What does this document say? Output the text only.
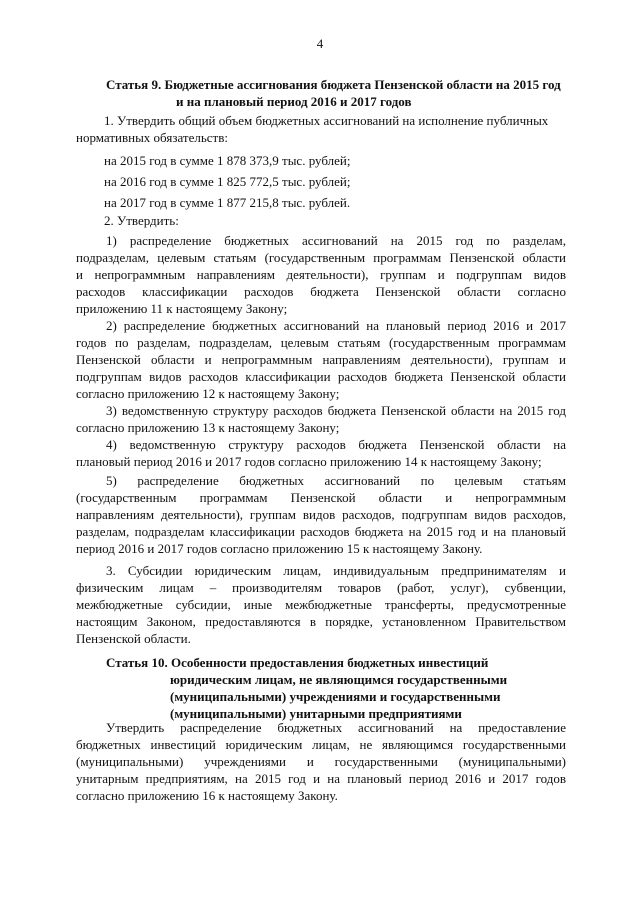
4
Статья 9. Бюджетные ассигнования бюджета Пензенской области на 2015 год
и на плановый период 2016 и 2017 годов
1. Утвердить общий объем бюджетных ассигнований на исполнение публичных
нормативных обязательств:
на 2015 год в сумме 1 878 373,9 тыс. рублей;
на 2016 год в сумме 1 825 772,5 тыс. рублей;
на 2017 год в сумме 1 877 215,8 тыс. рублей.
2. Утвердить:
1) распределение бюджетных ассигнований на 2015 год по разделам,
подразделам, целевым статьям (государственным программам Пензенской области
и непрограммным направлениям деятельности), группам и подгруппам видов
расходов классификации расходов бюджета Пензенской области согласно
приложению 11 к настоящему Закону;
2) распределение бюджетных ассигнований на плановый период 2016 и 2017
годов по разделам, подразделам, целевым статьям (государственным программам
Пензенской области и непрограммным направлениям деятельности), группам и
подгруппам видов расходов классификации расходов бюджета Пензенской области
согласно приложению 12 к настоящему Закону;
3) ведомственную структуру расходов бюджета Пензенской области на 2015 год
согласно приложению 13 к настоящему Закону;
4) ведомственную структуру расходов бюджета Пензенской области на
плановый период 2016 и 2017 годов согласно приложению 14 к настоящему Закону;
5) распределение бюджетных ассигнований по целевым статьям
(государственным программам Пензенской области и непрограммным
направлениям деятельности), группам видов расходов, подгруппам видов расходов,
разделам, подразделам классификации расходов бюджета на 2015 год и на плановый
период 2016 и 2017 годов согласно приложению 15 к настоящему Закону.
3. Субсидии юридическим лицам, индивидуальным предпринимателям и
физическим лицам – производителям товаров (работ, услуг), субвенции,
межбюджетные субсидии, иные межбюджетные трансферты, предусмотренные
настоящим Законом, предоставляются в порядке, установленном Правительством
Пензенской области.
Статья 10. Особенности предоставления бюджетных инвестиций
юридическим лицам, не являющимся государственными
(муниципальными) учреждениями и государственными
(муниципальными) унитарными предприятиями
Утвердить распределение бюджетных ассигнований на предоставление
бюджетных инвестиций юридическим лицам, не являющимся государственными
(муниципальными) учреждениями и государственными (муниципальными)
унитарным предприятиям, на 2015 год и на плановый период 2016 и 2017 годов
согласно приложению 16 к настоящему Закону.
